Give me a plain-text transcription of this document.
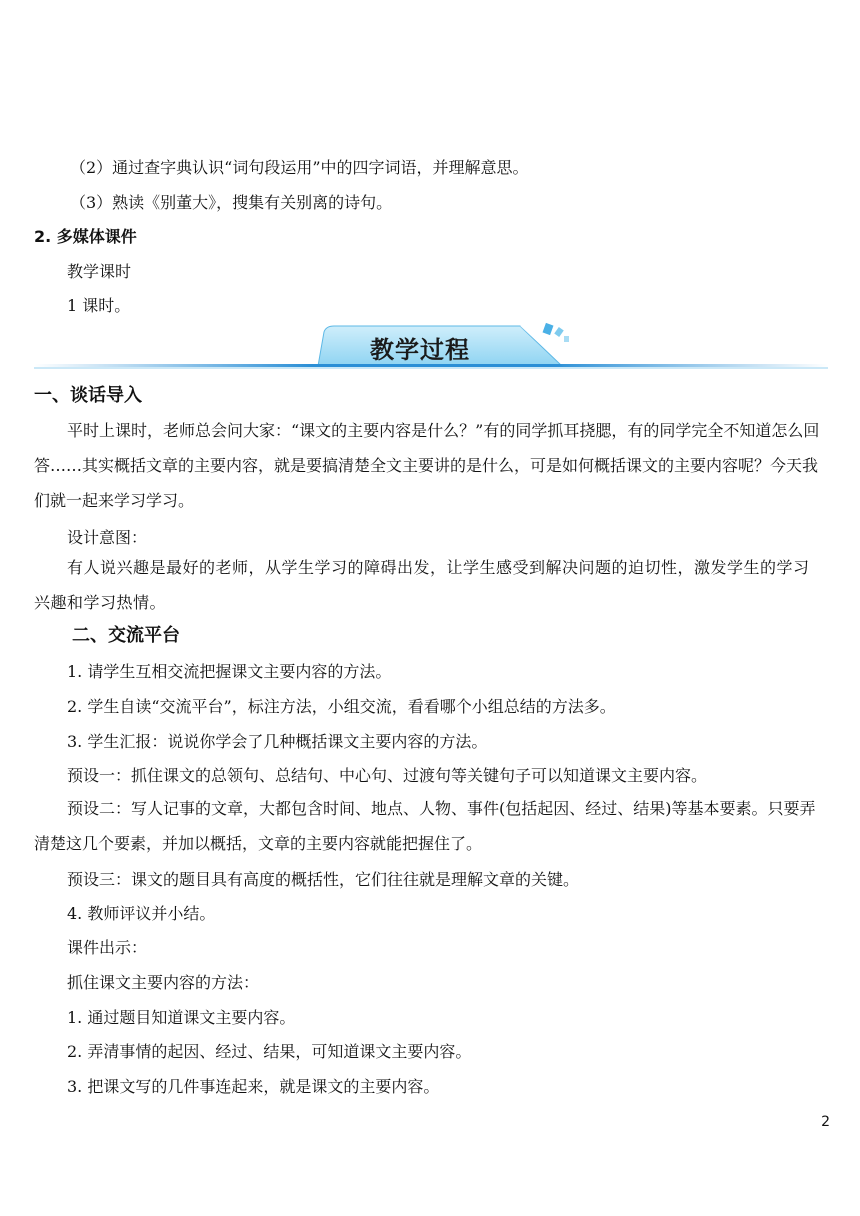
（2）通过查字典认识“词句段运用”中的四字词语，并理解意思。
（3）熟读《别董大》，搜集有关别离的诗句。
2. 多媒体课件
教学课时
1 课时。
教学过程
一、谈话导入
平时上课时，老师总会问大家：“课文的主要内容是什么？”有的同学抓耳挠腮，有的同学完全不知道怎么回答……其实概括文章的主要内容，就是要搞清楚全文主要讲的是什么，可是如何概括课文的主要内容呢？今天我们就一起来学习学习。
设计意图：
有人说兴趣是最好的老师，从学生学习的障碍出发，让学生感受到解决问题的迫切性，激发学生的学习兴趣和学习热情。
二、交流平台
1. 请学生互相交流把握课文主要内容的方法。
2. 学生自读“交流平台”，标注方法，小组交流，看看哪个小组总结的方法多。
3. 学生汇报：说说你学会了几种概括课文主要内容的方法。
预设一：抓住课文的总领句、总结句、中心句、过渡句等关键句子可以知道课文主要内容。
预设二：写人记事的文章，大都包含时间、地点、人物、事件(包括起因、经过、结果)等基本要素。只要弄清楚这几个要素，并加以概括，文章的主要内容就能把握住了。
预设三：课文的题目具有高度的概括性，它们往往就是理解文章的关键。
4. 教师评议并小结。
课件出示：
抓住课文主要内容的方法：
1. 通过题目知道课文主要内容。
2. 弄清事情的起因、经过、结果，可知道课文主要内容。
3. 把课文写的几件事连起来，就是课文的主要内容。
2
